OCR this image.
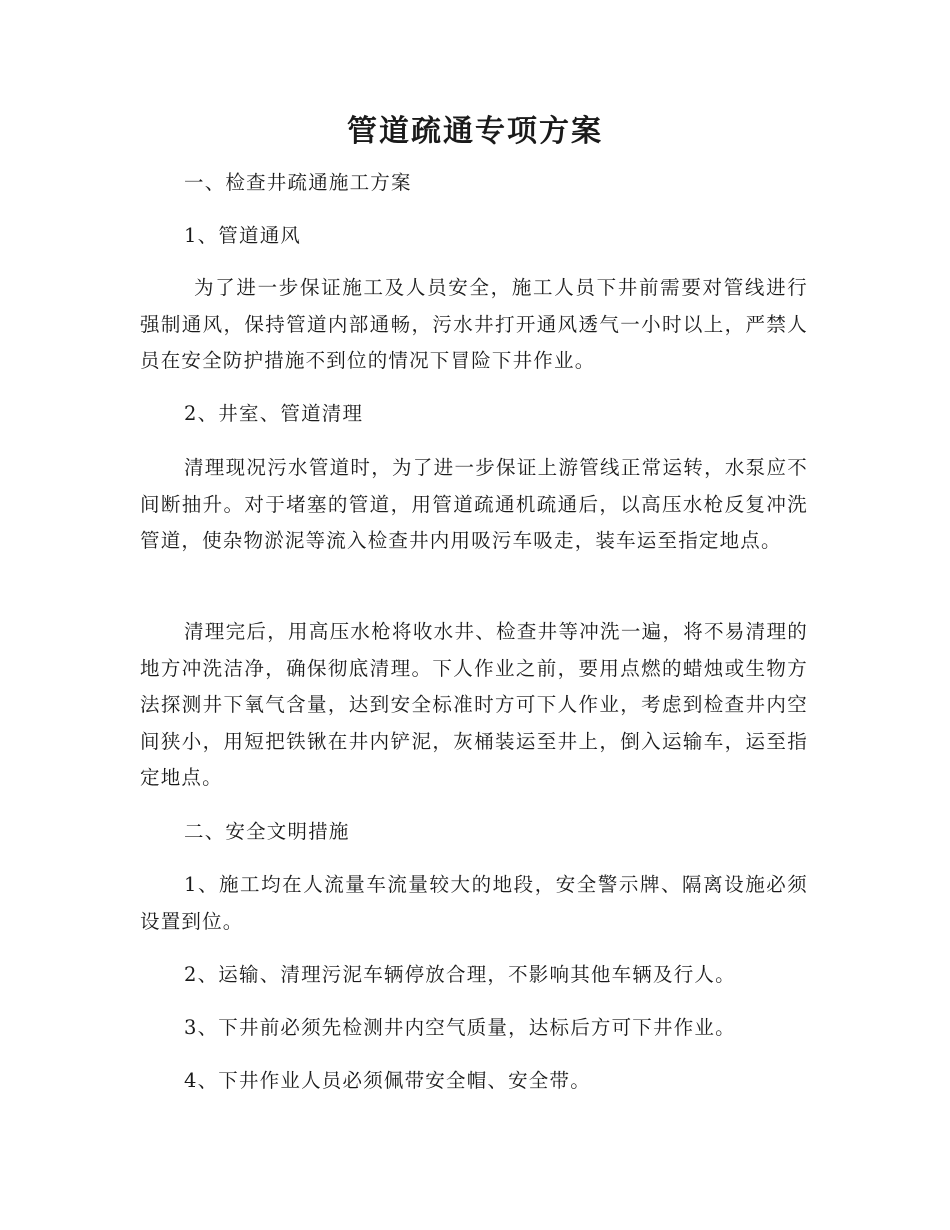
管道疏通专项方案

一、检查井疏通施工方案

1、管道通风

为了进一步保证施工及人员安全，施工人员下井前需要对管线进行强制通风，保持管道内部通畅，污水井打开通风透气一小时以上，严禁人员在安全防护措施不到位的情况下冒险下井作业。

2、井室、管道清理

清理现况污水管道时，为了进一步保证上游管线正常运转，水泵应不间断抽升。对于堵塞的管道，用管道疏通机疏通后，以高压水枪反复冲洗管道，使杂物淤泥等流入检查井内用吸污车吸走，装车运至指定地点。

清理完后，用高压水枪将收水井、检查井等冲洗一遍，将不易清理的地方冲洗洁净，确保彻底清理。下人作业之前，要用点燃的蜡烛或生物方法探测井下氧气含量，达到安全标准时方可下人作业，考虑到检查井内空间狭小，用短把铁锹在井内铲泥，灰桶装运至井上，倒入运输车，运至指定地点。

二、安全文明措施

1、施工均在人流量车流量较大的地段，安全警示牌、隔离设施必须设置到位。

2、运输、清理污泥车辆停放合理，不影响其他车辆及行人。

3、下井前必须先检测井内空气质量，达标后方可下井作业。

4、下井作业人员必须佩带安全帽、安全带。
